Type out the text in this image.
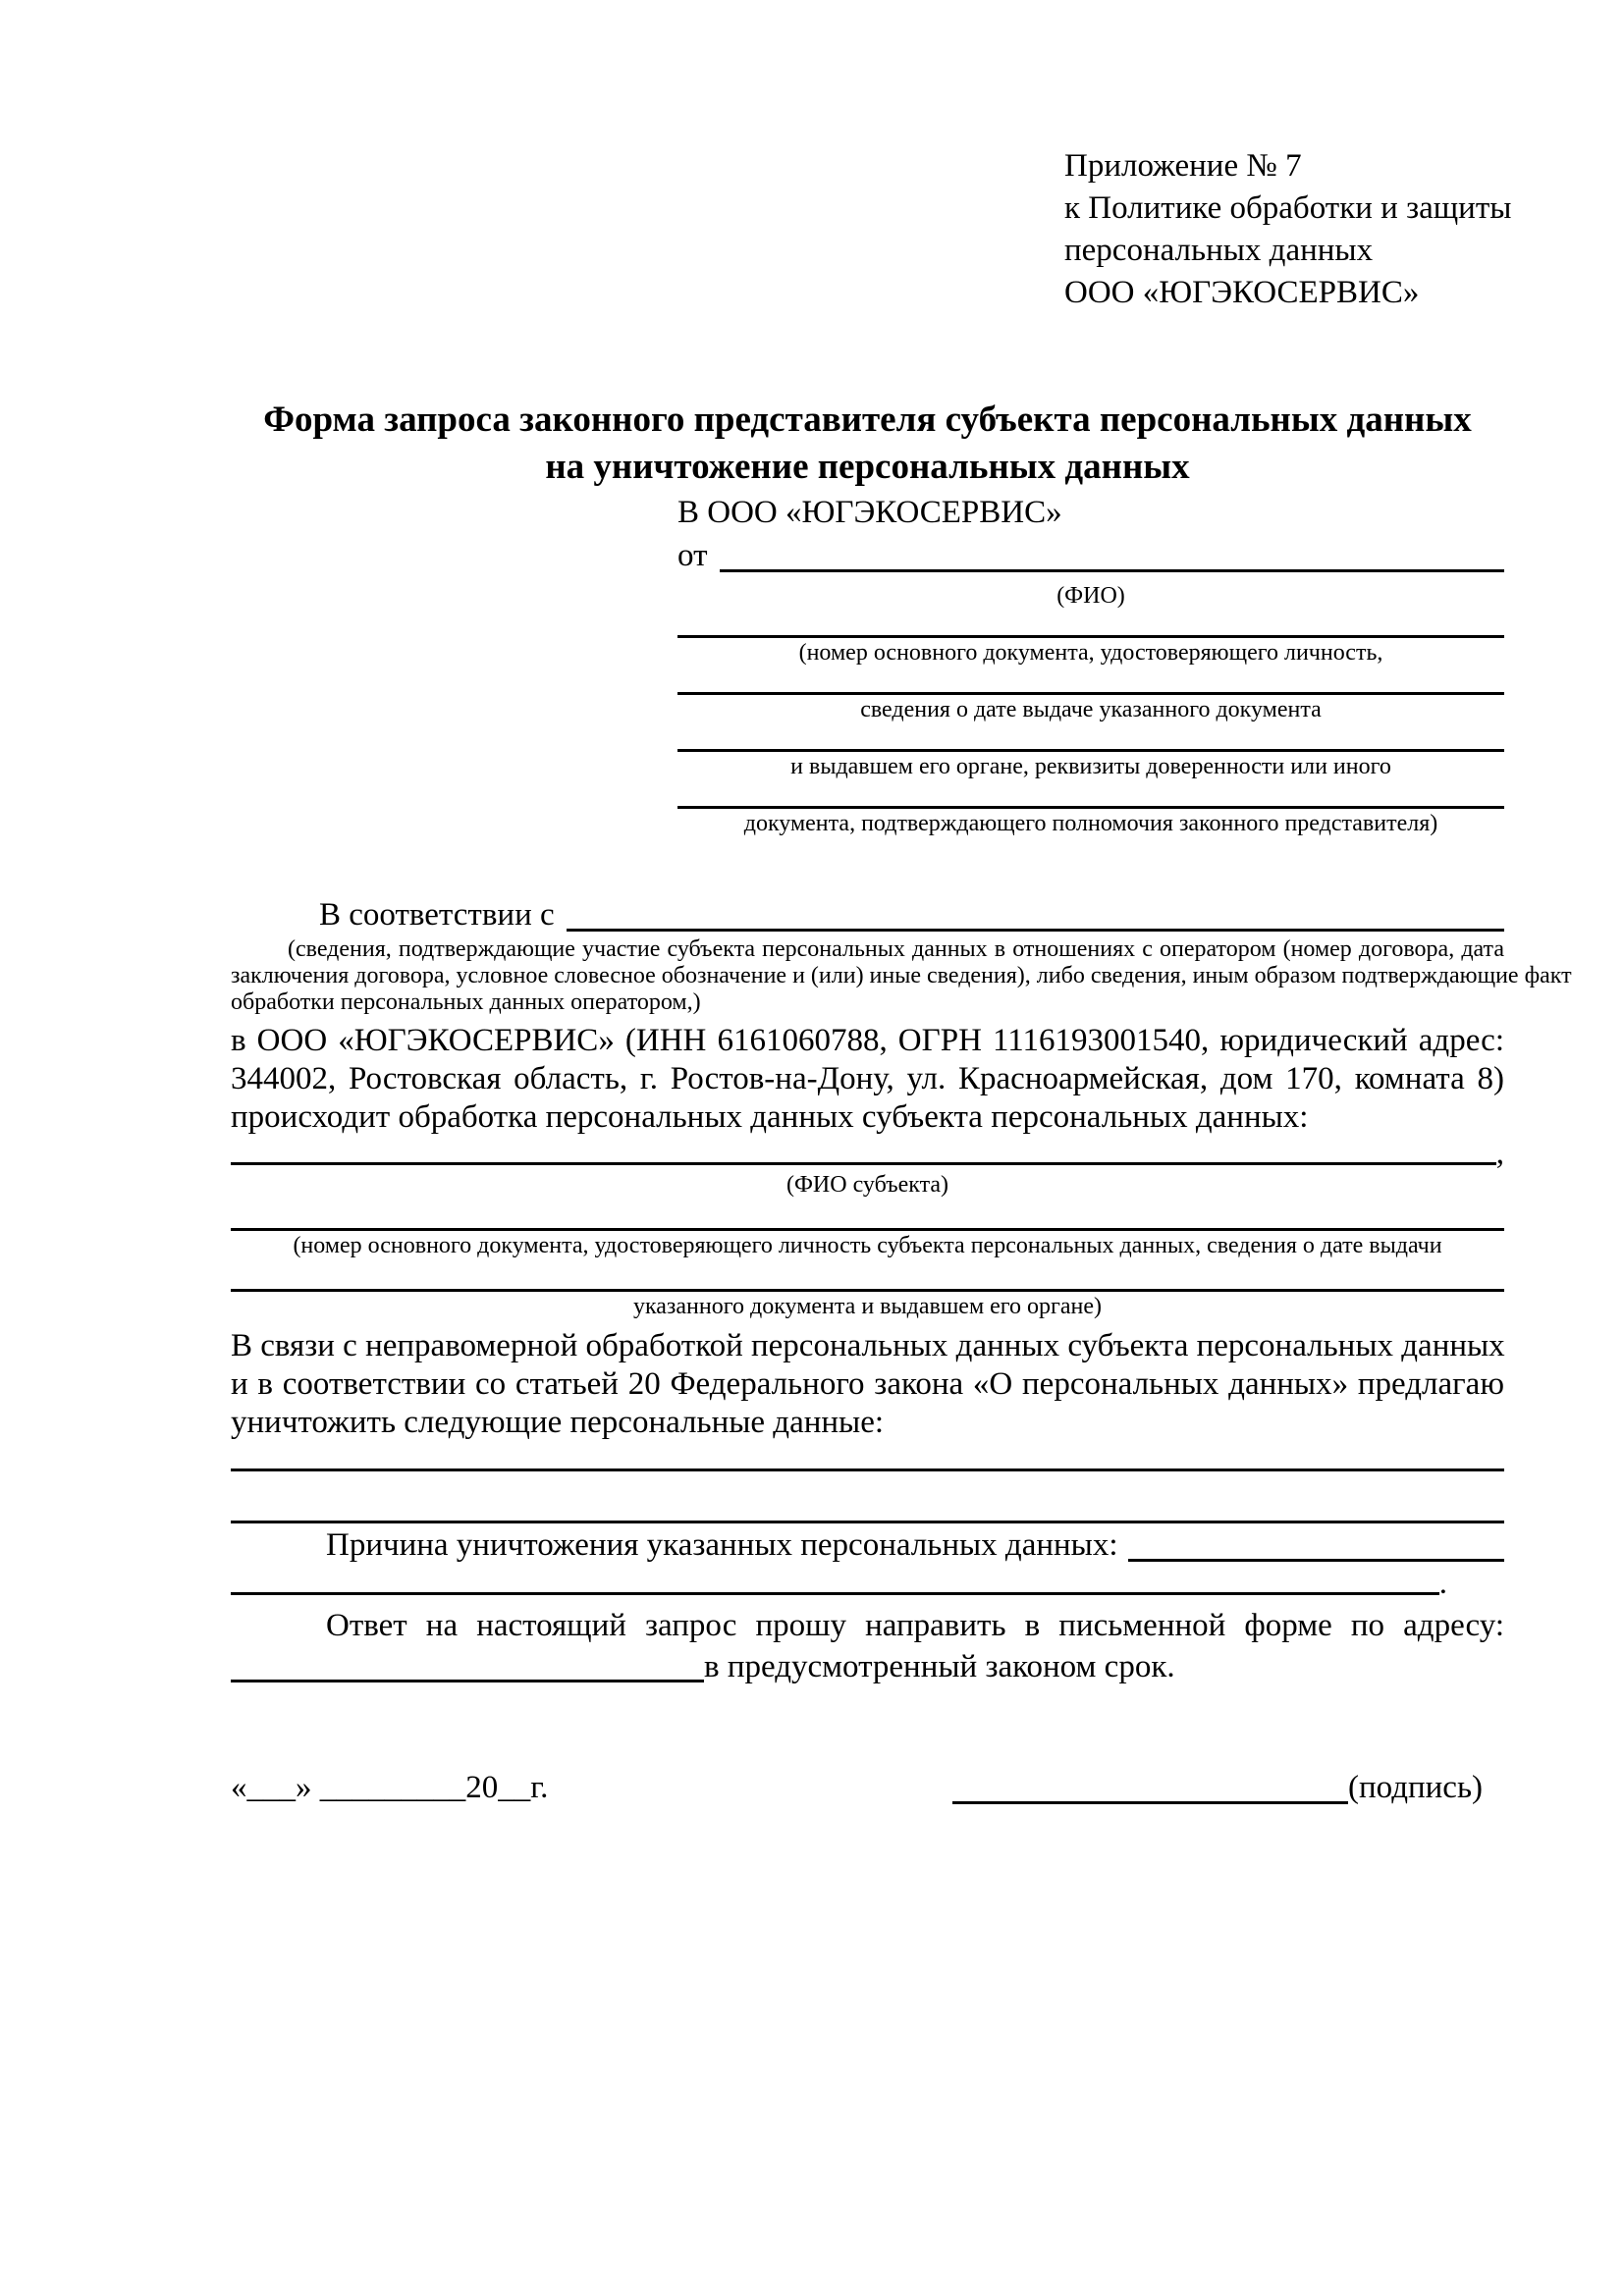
Приложение № 7
к Политике обработки и защиты
персональных данных
ООО «ЮГЭКОСЕРВИС»
Форма запроса законного представителя субъекта персональных данных
на уничтожение персональных данных
В ООО «ЮГЭКОСЕРВИС»
от
(ФИО)
(номер основного документа, удостоверяющего личность,
сведения о дате выдаче указанного документа
и выдавшем его органе, реквизиты доверенности или иного
документа, подтверждающего полномочия законного представителя)
В соответствии с
(сведения, подтверждающие участие субъекта персональных данных в отношениях с оператором (номер договора, дата
заключения договора, условное словесное обозначение и (или) иные сведения), либо сведения, иным образом подтверждающие факт
обработки персональных данных оператором,)
в ООО «ЮГЭКОСЕРВИС» (ИНН 6161060788, ОГРН 1116193001540, юридический адрес:
344002, Ростовская область, г. Ростов-на-Дону, ул. Красноармейская, дом 170, комната 8)
происходит обработка персональных данных субъекта персональных данных:
,
(ФИО субъекта)
(номер основного документа, удостоверяющего личность субъекта персональных данных, сведения о дате выдачи
указанного документа и выдавшем его органе)
В связи с неправомерной обработкой персональных данных субъекта персональных данных
и в соответствии со статьей 20 Федерального закона «О персональных данных» предлагаю
уничтожить следующие персональные данные:
Причина уничтожения указанных персональных данных:
.
Ответ на настоящий запрос прошу направить в письменной форме по адресу:
в предусмотренный законом срок.
«___» _________20__г.	(подпись)
